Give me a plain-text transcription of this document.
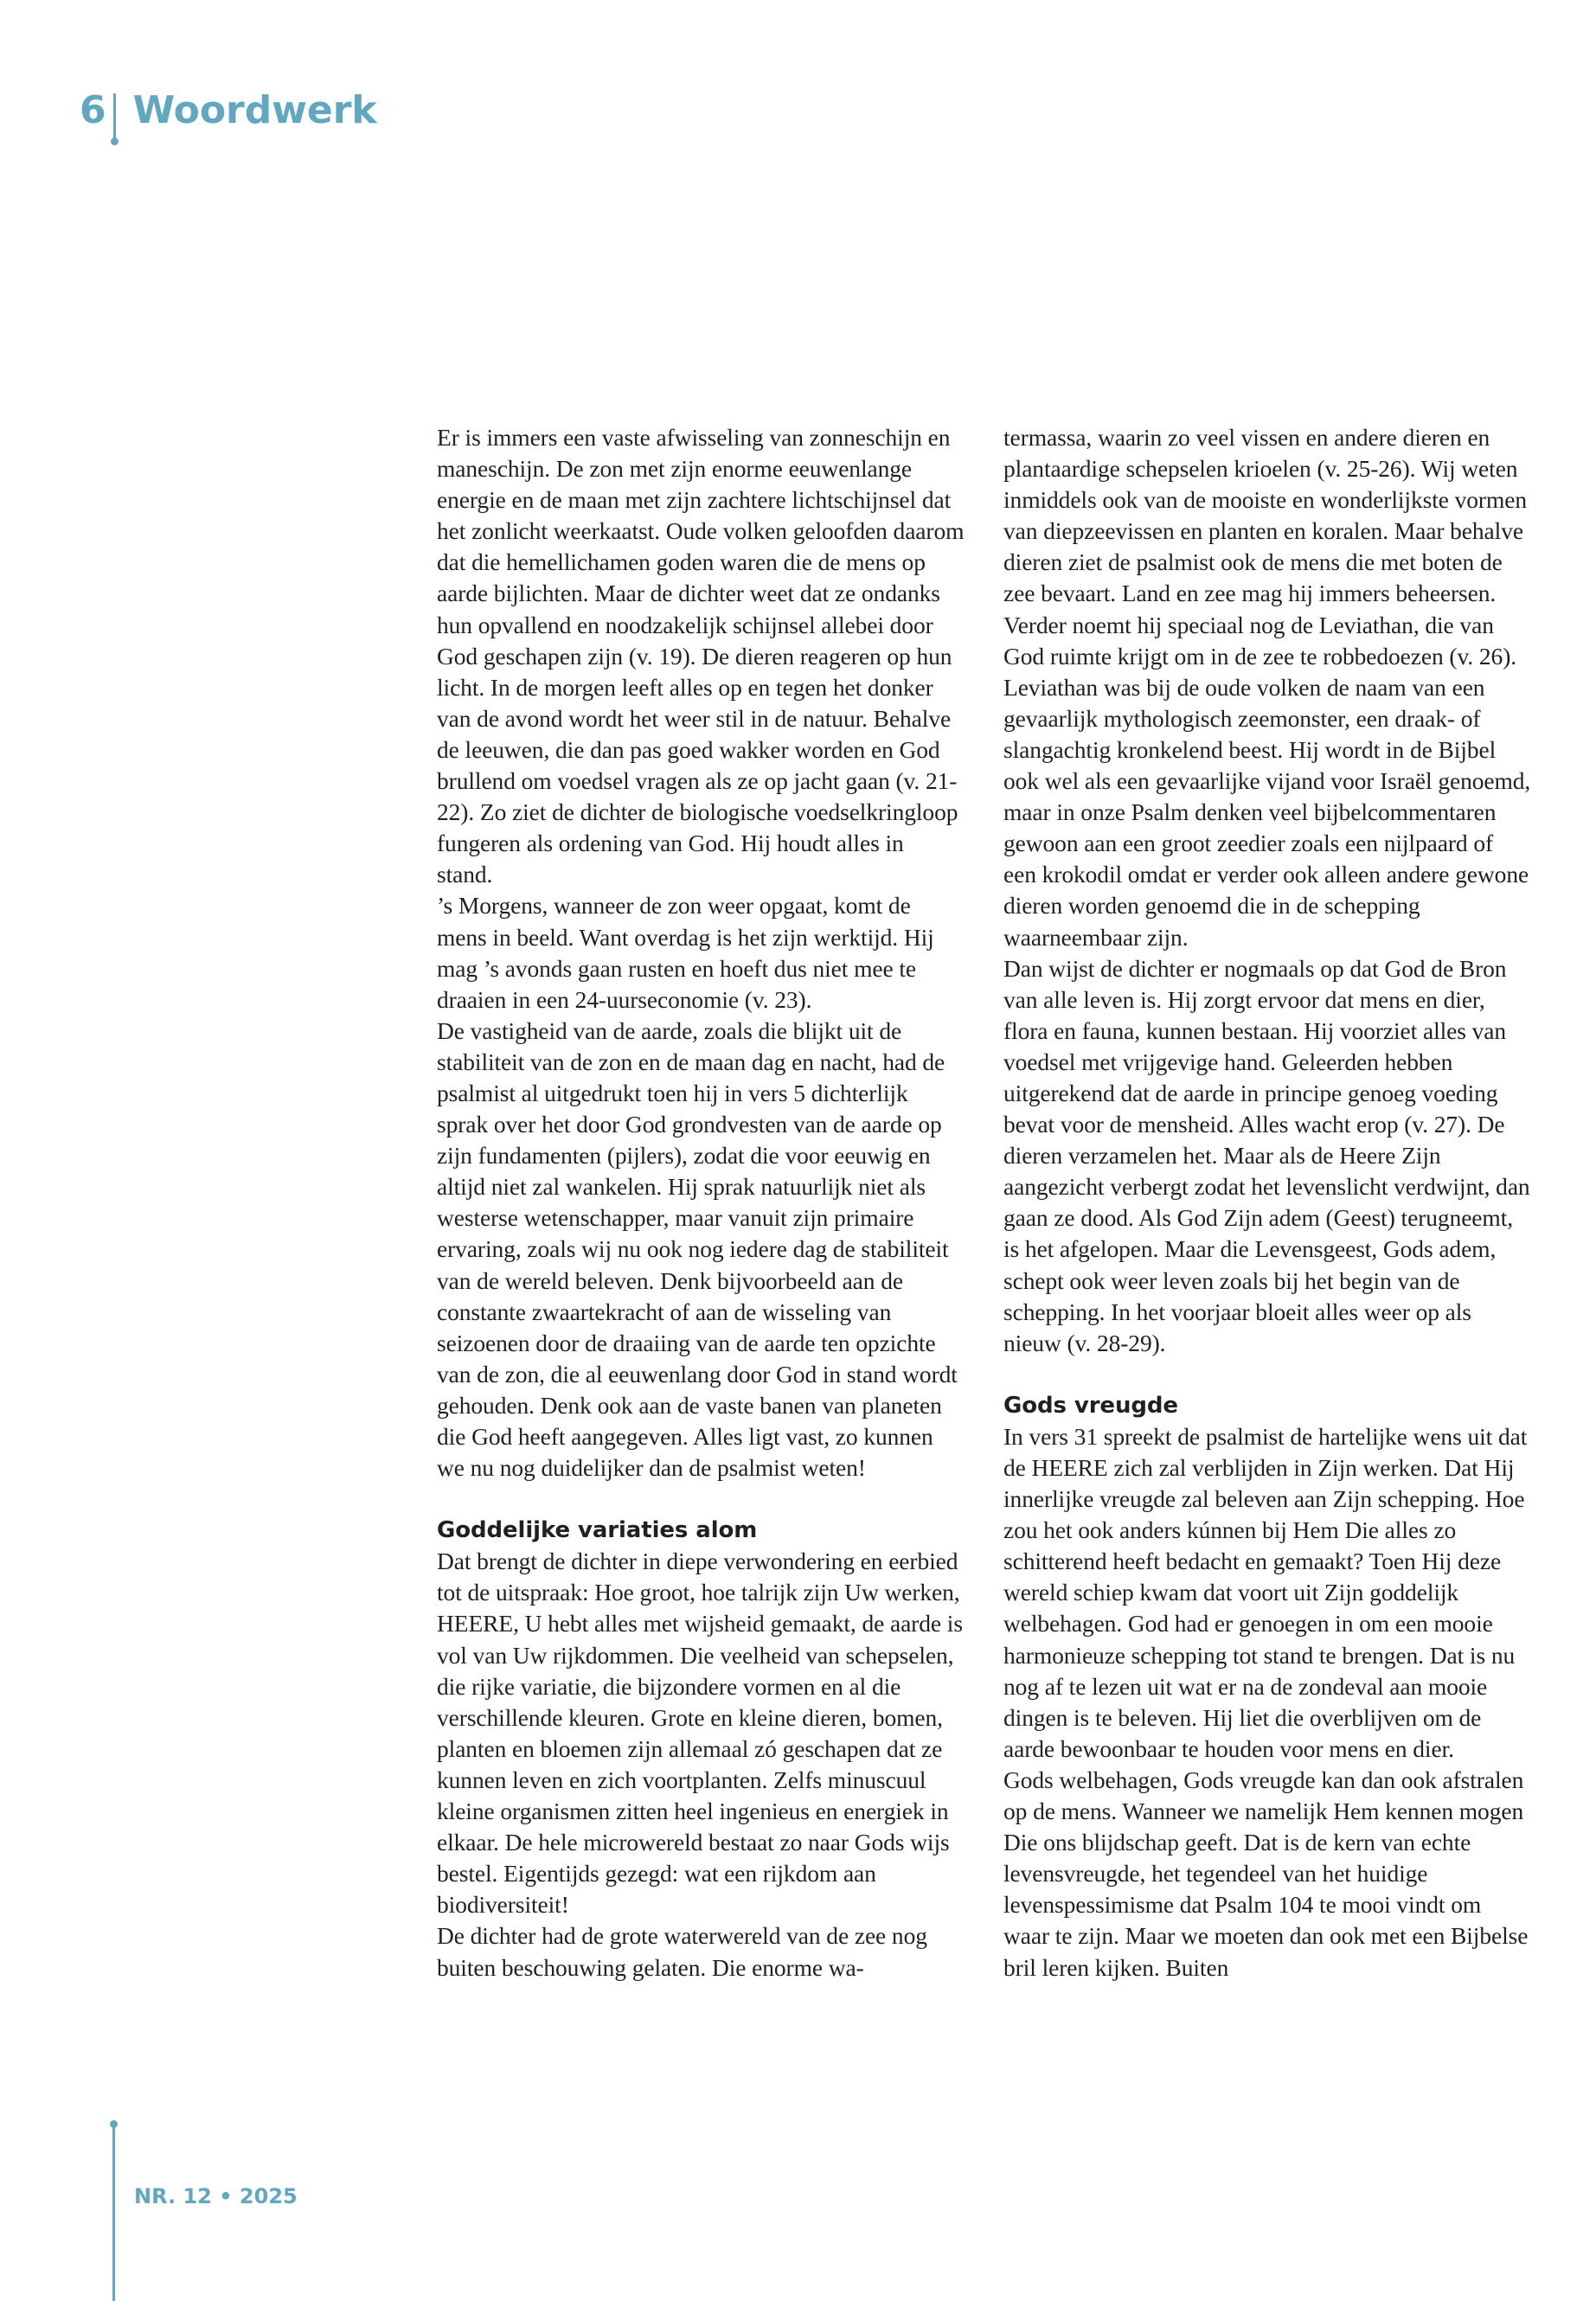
6 Woordwerk

Er is immers een vaste afwisseling van zonneschijn en maneschijn. De zon met zijn enorme eeuwenlange energie en de maan met zijn zachtere lichtschijnsel dat het zonlicht weerkaatst. Oude volken geloofden daarom dat die hemellichamen goden waren die de mens op aarde bijlichten. Maar de dichter weet dat ze ondanks hun opvallend en noodzakelijk schijnsel allebei door God geschapen zijn (v. 19). De dieren reageren op hun licht. In de morgen leeft alles op en tegen het donker van de avond wordt het weer stil in de natuur. Behalve de leeuwen, die dan pas goed wakker worden en God brullend om voedsel vragen als ze op jacht gaan (v. 21-22). Zo ziet de dichter de biologische voedselkringloop fungeren als ordening van God. Hij houdt alles in stand.

’s Morgens, wanneer de zon weer opgaat, komt de mens in beeld. Want overdag is het zijn werktijd. Hij mag ’s avonds gaan rusten en hoeft dus niet mee te draaien in een 24-uurseconomie (v. 23).

De vastigheid van de aarde, zoals die blijkt uit de stabiliteit van de zon en de maan dag en nacht, had de psalmist al uitgedrukt toen hij in vers 5 dichterlijk sprak over het door God grondvesten van de aarde op zijn fundamenten (pijlers), zodat die voor eeuwig en altijd niet zal wankelen. Hij sprak natuurlijk niet als westerse wetenschapper, maar vanuit zijn primaire ervaring, zoals wij nu ook nog iedere dag de stabiliteit van de wereld beleven. Denk bijvoorbeeld aan de constante zwaartekracht of aan de wisseling van seizoenen door de draaiing van de aarde ten opzichte van de zon, die al eeuwenlang door God in stand wordt gehouden. Denk ook aan de vaste banen van planeten die God heeft aangegeven. Alles ligt vast, zo kunnen we nu nog duidelijker dan de psalmist weten!

Goddelijke variaties alom

Dat brengt de dichter in diepe verwondering en eerbied tot de uitspraak: Hoe groot, hoe talrijk zijn Uw werken, HEERE, U hebt alles met wijsheid gemaakt, de aarde is vol van Uw rijkdommen. Die veelheid van schepselen, die rijke variatie, die bijzondere vormen en al die verschillende kleuren. Grote en kleine dieren, bomen, planten en bloemen zijn allemaal zó geschapen dat ze kunnen leven en zich voortplanten. Zelfs minuscuul kleine organismen zitten heel ingenieus en energiek in elkaar. De hele microwereld bestaat zo naar Gods wijs bestel. Eigentijds gezegd: wat een rijkdom aan biodiversiteit!

De dichter had de grote waterwereld van de zee nog buiten beschouwing gelaten. Die enorme wa-

termassa, waarin zo veel vissen en andere dieren en plantaardige schepselen krioelen (v. 25-26). Wij weten inmiddels ook van de mooiste en wonderlijkste vormen van diepzeevissen en planten en koralen. Maar behalve dieren ziet de psalmist ook de mens die met boten de zee bevaart. Land en zee mag hij immers beheersen.

Verder noemt hij speciaal nog de Leviathan, die van God ruimte krijgt om in de zee te robbedoezen (v. 26). Leviathan was bij de oude volken de naam van een gevaarlijk mythologisch zeemonster, een draak- of slangachtig kronkelend beest. Hij wordt in de Bijbel ook wel als een gevaarlijke vijand voor Israël genoemd, maar in onze Psalm denken veel bijbelcommentaren gewoon aan een groot zeedier zoals een nijlpaard of een krokodil omdat er verder ook alleen andere gewone dieren worden genoemd die in de schepping waarneembaar zijn.

Dan wijst de dichter er nogmaals op dat God de Bron van alle leven is. Hij zorgt ervoor dat mens en dier, flora en fauna, kunnen bestaan. Hij voorziet alles van voedsel met vrijgevige hand. Geleerden hebben uitgerekend dat de aarde in principe genoeg voeding bevat voor de mensheid. Alles wacht erop (v. 27). De dieren verzamelen het. Maar als de Heere Zijn aangezicht verbergt zodat het levenslicht verdwijnt, dan gaan ze dood. Als God Zijn adem (Geest) terugneemt, is het afgelopen. Maar die Levensgeest, Gods adem, schept ook weer leven zoals bij het begin van de schepping. In het voorjaar bloeit alles weer op als nieuw (v. 28-29).

Gods vreugde

In vers 31 spreekt de psalmist de hartelijke wens uit dat de HEERE zich zal verblijden in Zijn werken. Dat Hij innerlijke vreugde zal beleven aan Zijn schepping. Hoe zou het ook anders kúnnen bij Hem Die alles zo schitterend heeft bedacht en gemaakt? Toen Hij deze wereld schiep kwam dat voort uit Zijn goddelijk welbehagen. God had er genoegen in om een mooie harmonieuze schepping tot stand te brengen. Dat is nu nog af te lezen uit wat er na de zondeval aan mooie dingen is te beleven. Hij liet die overblijven om de aarde bewoonbaar te houden voor mens en dier.

Gods welbehagen, Gods vreugde kan dan ook afstralen op de mens. Wanneer we namelijk Hem kennen mogen Die ons blijdschap geeft. Dat is de kern van echte levensvreugde, het tegendeel van het huidige levenspessimisme dat Psalm 104 te mooi vindt om waar te zijn. Maar we moeten dan ook met een Bijbelse bril leren kijken. Buiten

NR. 12 • 2025
